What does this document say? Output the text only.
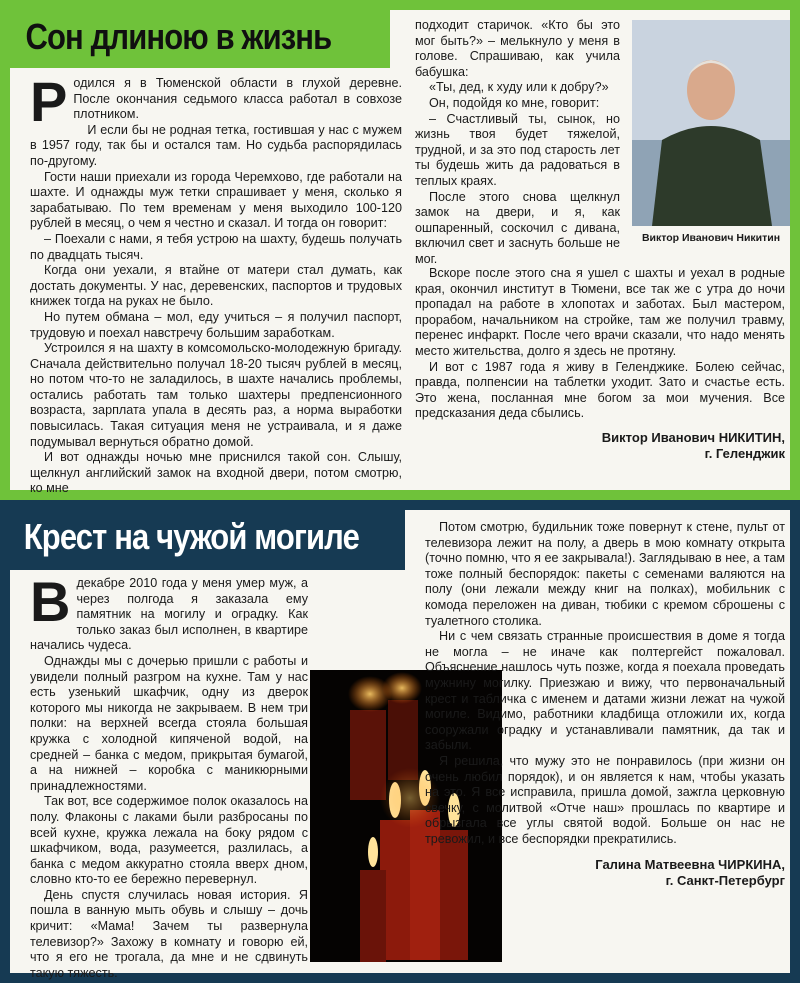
Сон длиною в жизнь

Родился я в Тюменской области в глухой деревне. После окончания седьмого класса работал в совхозе плотником.

И если бы не родная тетка, гостившая у нас с мужем в 1957 году, так бы и остался там. Но судьба распорядилась по-другому.

Гости наши приехали из города Черемхово, где работали на шахте. И однажды муж тетки спрашивает у меня, сколько я зарабатываю. По тем временам у меня выходило 100-120 рублей в месяц, о чем я честно и сказал. И тогда он говорит:

– Поехали с нами, я тебя устрою на шахту, будешь получать по двадцать тысяч.

Когда они уехали, я втайне от матери стал думать, как достать документы. У нас, деревенских, паспортов и трудовых книжек тогда на руках не было.

Но путем обмана – мол, еду учиться – я получил паспорт, трудовую и поехал навстречу большим заработкам.

Устроился я на шахту в комсомольско-молодежную бригаду. Сначала действительно получал 18-20 тысяч рублей в месяц, но потом что-то не заладилось, в шахте начались проблемы, остались работать там только шахтеры предпенсионного возраста, зарплата упала в десять раз, а норма выработки повысилась. Такая ситуация меня не устраивала, и я даже подумывал вернуться обратно домой.

И вот однажды ночью мне приснился такой сон. Слышу, щелкнул английский замок на входной двери, потом смотрю, ко мне

подходит старичок. «Кто бы это мог быть?» – мелькнуло у меня в голове. Спрашиваю, как учила бабушка:

«Ты, дед, к худу или к добру?»

Он, подойдя ко мне, говорит:

– Счастливый ты, сынок, но жизнь твоя будет тяжелой, трудной, и за это под старость лет ты будешь жить да радоваться в теплых краях.

После этого снова щелкнул замок на двери, и я, как ошпаренный, соскочил с дивана, включил свет и заснуть больше не мог.

Виктор Иванович Никитин

Вскоре после этого сна я ушел с шахты и уехал в родные края, окончил институт в Тюмени, все так же с утра до ночи пропадал на работе в хлопотах и заботах. Был мастером, прорабом, начальником на стройке, там же получил травму, перенес инфаркт. После чего врачи сказали, что надо менять место жительства, долго я здесь не протяну.

И вот с 1987 года я живу в Геленджике. Болею сейчас, правда, полпенсии на таблетки уходит. Зато и счастье есть. Это жена, посланная мне богом за мои мучения. Все предсказания деда сбылись.

Виктор Иванович НИКИТИН,

г. Геленджик

Крест на чужой могиле

Вдекабре 2010 года у меня умер муж, а через полгода я заказала ему памятник на могилу и оградку. Как только заказ был исполнен, в квартире начались чудеса.

Однажды мы с дочерью пришли с работы и увидели полный разгром на кухне. Там у нас есть узенький шкафчик, одну из дверок которого мы никогда не закрываем. В нем три полки: на верхней всегда стояла большая кружка с холодной кипяченой водой, на средней – банка с медом, прикрытая бумагой, а на нижней – коробка с маникюрными принадлежностями.

Так вот, все содержимое полок оказалось на полу. Флаконы с лаками были разбросаны по всей кухне, кружка лежала на боку рядом с шкафчиком, вода, разумеется, разлилась, а банка с медом аккуратно стояла вверх дном, словно кто-то ее бережно перевернул.

День спустя случилась новая история. Я пошла в ванную мыть обувь и слышу – дочь кричит: «Мама! Зачем ты развернула телевизор?» Захожу в комнату и говорю ей, что я его не трогала, да мне и не сдвинуть такую тяжесть.

Потом смотрю, будильник тоже повернут к стене, пульт от телевизора лежит на полу, а дверь в мою комнату открыта (точно помню, что я ее закрывала!). Заглядываю в нее, а там тоже полный беспорядок: пакеты с семенами валяются на полу (они лежали между книг на полках), мобильник с комода переложен на диван, тюбики с кремом сброшены с туалетного столика.

Ни с чем связать странные происшествия в доме я тогда не могла – не иначе как полтергейст пожаловал. Объяснение нашлось чуть позже, когда я поехала проведать мужнину могилку. Приезжаю и вижу, что первоначальный крест и табличка с именем и датами жизни лежат на чужой могиле. Видимо, работники кладбища отложили их, когда сооружали оградку и устанавливали памятник, да так и забыли.

Я решила, что мужу это не понравилось (при жизни он очень любил порядок), и он является к нам, чтобы указать на это. Я все исправила, пришла домой, зажгла церковную свечку, с молитвой «Отче наш» прошлась по квартире и обрызгала все углы святой водой. Больше он нас не тревожил, и все беспорядки прекратились.

Галина Матвеевна ЧИРКИНА,

г. Санкт-Петербург
